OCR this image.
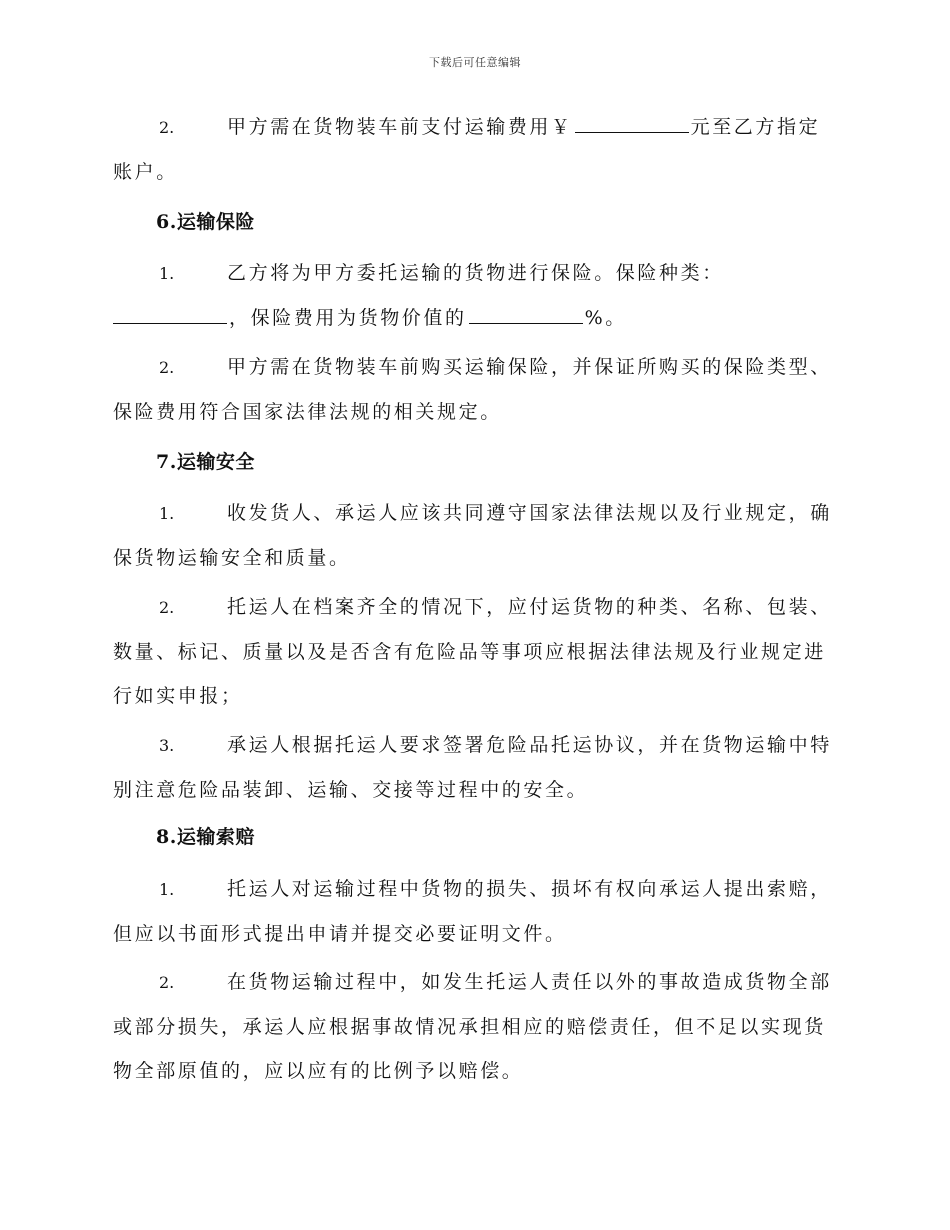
下载后可任意编辑
2.	甲方需在货物装车前支付运输费用￥	元至乙方指定账户。
6.运输保险
1.	乙方将为甲方委托运输的货物进行保险。保险种类：
，保险费用为货物价值的	%。
2.	甲方需在货物装车前购买运输保险，并保证所购买的保险类型、保险费用符合国家法律法规的相关规定。
7.运输安全
1.	收发货人、承运人应该共同遵守国家法律法规以及行业规定，确保货物运输安全和质量。
2.	托运人在档案齐全的情况下，应付运货物的种类、名称、包装、数量、标记、质量以及是否含有危险品等事项应根据法律法规及行业规定进行如实申报；
3.	承运人根据托运人要求签署危险品托运协议，并在货物运输中特别注意危险品装卸、运输、交接等过程中的安全。
8.运输索赔
1.	托运人对运输过程中货物的损失、损坏有权向承运人提出索赔，但应以书面形式提出申请并提交必要证明文件。
2.	在货物运输过程中，如发生托运人责任以外的事故造成货物全部或部分损失，承运人应根据事故情况承担相应的赔偿责任，但不足以实现货物全部原值的，应以应有的比例予以赔偿。
